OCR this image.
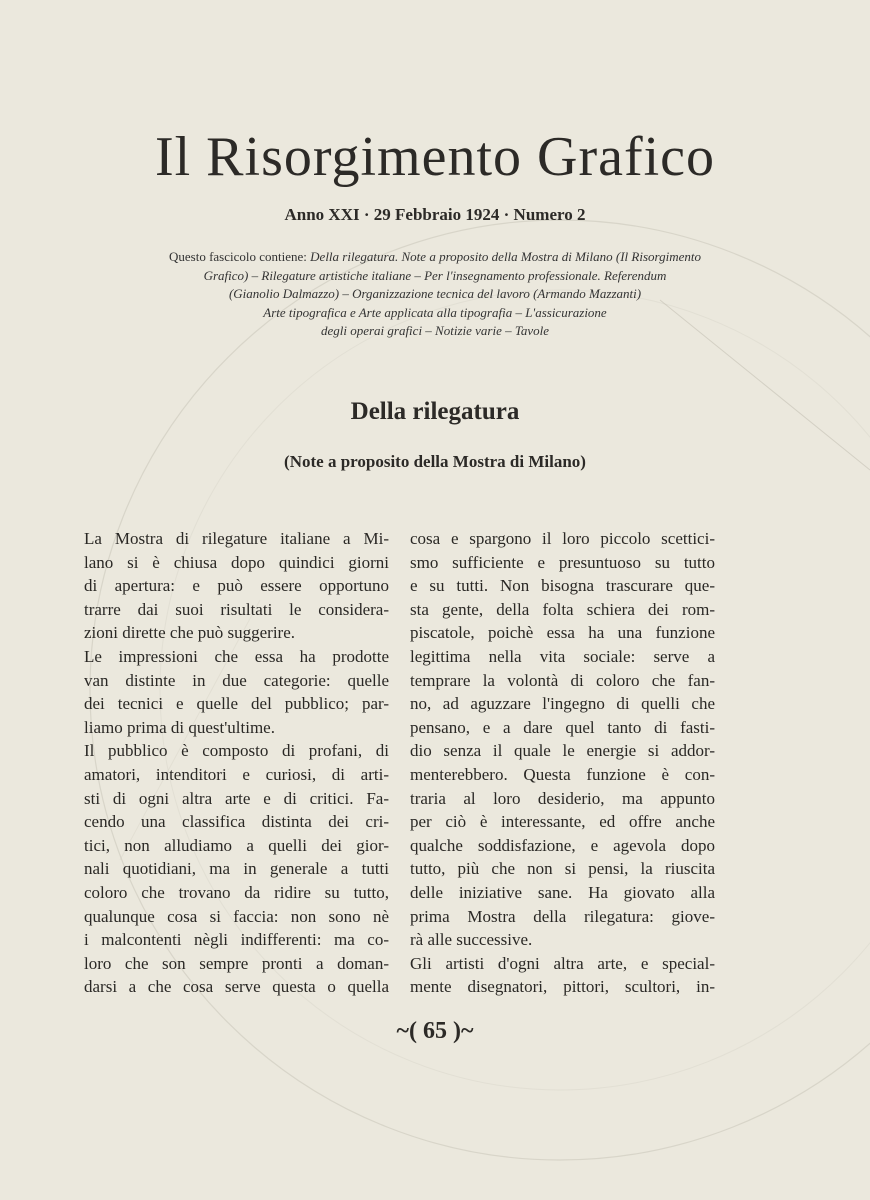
Il Risorgimento Grafico
Anno XXI · 29 Febbraio 1924 · Numero 2
Questo fascicolo contiene: Della rilegatura. Note a proposito della Mostra di Milano (Il Risorgimento
Grafico) – Rilegature artistiche italiane – Per l'insegnamento professionale. Referendum
(Gianolio Dalmazzo) – Organizzazione tecnica del lavoro (Armando Mazzanti)
Arte tipografica e Arte applicata alla tipografia – L'assicurazione
degli operai grafici – Notizie varie – Tavole
Della rilegatura
(Note a proposito della Mostra di Milano)
La Mostra di rilegature italiane a Mi-
lano si è chiusa dopo quindici giorni
di apertura: e può essere opportuno
trarre dai suoi risultati le considera-
zioni dirette che può suggerire.
Le impressioni che essa ha prodotte
van distinte in due categorie: quelle
dei tecnici e quelle del pubblico; par-
liamo prima di quest'ultime.
Il pubblico è composto di profani, di
amatori, intenditori e curiosi, di arti-
sti di ogni altra arte e di critici. Fa-
cendo una classifica distinta dei cri-
tici, non alludiamo a quelli dei gior-
nali quotidiani, ma in generale a tutti
coloro che trovano da ridire su tutto,
qualunque cosa si faccia: non sono nè
i malcontenti nègli indifferenti: ma co-
loro che son sempre pronti a doman-
darsi a che cosa serve questa o quella
cosa e spargono il loro piccolo scettici-
smo sufficiente e presuntuoso su tutto
e su tutti. Non bisogna trascurare que-
sta gente, della folta schiera dei rom-
piscatole, poichè essa ha una funzione
legittima nella vita sociale: serve a
temprare la volontà di coloro che fan-
no, ad aguzzare l'ingegno di quelli che
pensano, e a dare quel tanto di fasti-
dio senza il quale le energie si addor-
menterebbero. Questa funzione è con-
traria al loro desiderio, ma appunto
per ciò è interessante, ed offre anche
qualche soddisfazione, e agevola dopo
tutto, più che non si pensi, la riuscita
delle iniziative sane. Ha giovato alla
prima Mostra della rilegatura: giove-
rà alle successive.
Gli artisti d'ogni altra arte, e special-
mente disegnatori, pittori, scultori, in-
~( 65 )~
